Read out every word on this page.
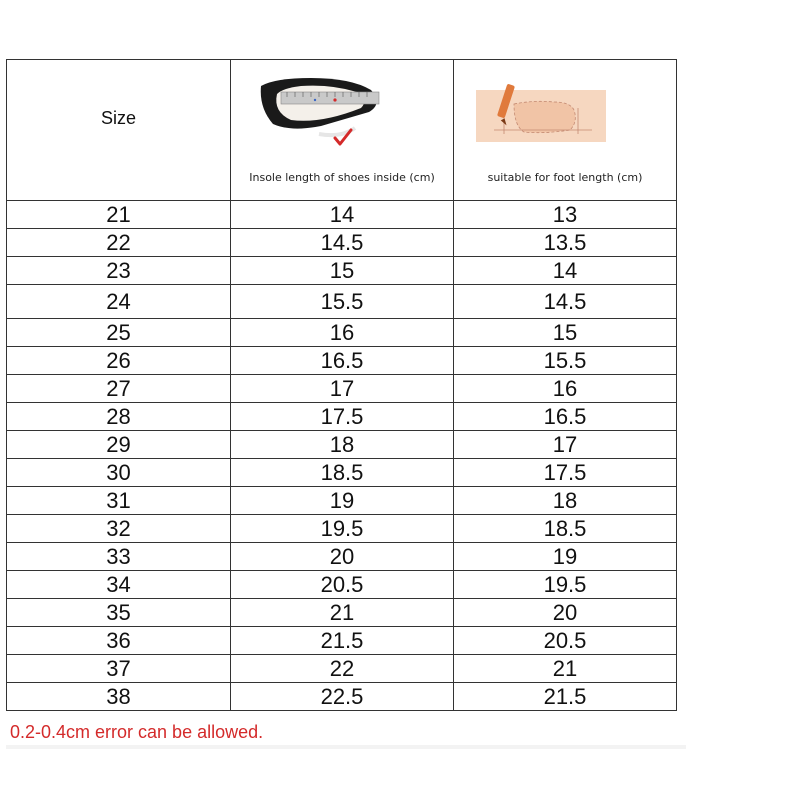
Size	Insole length of shoes inside (cm)	suitable for foot length (cm)

21	14	13
22	14.5	13.5
23	15	14
24	15.5	14.5
25	16	15
26	16.5	15.5
27	17	16
28	17.5	16.5
29	18	17
30	18.5	17.5
31	19	18
32	19.5	18.5
33	20	19
34	20.5	19.5
35	21	20
36	21.5	20.5
37	22	21
38	22.5	21.5
0.2-0.4cm error can be allowed.
